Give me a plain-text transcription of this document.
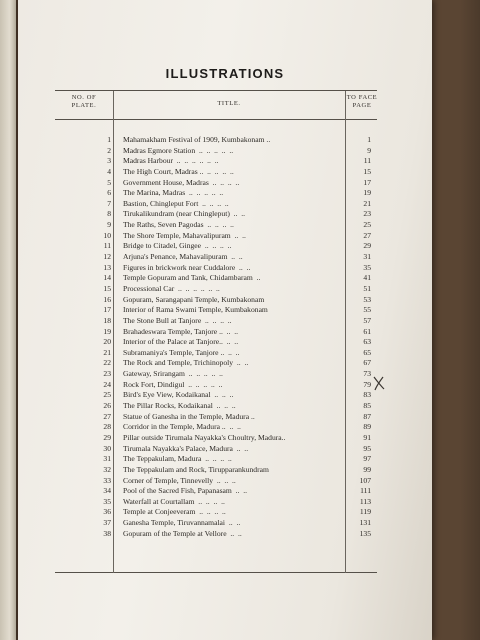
ILLUSTRATIONS
NO. OF
PLATE.	TITLE.
TO FACE
PAGE
1 Mahamakham Festival of 1909, Kumbakonam ..	1
2 Madras Egmore Station  ..  ..  ..  ..  ..	9
3 Madras Harbour  ..  ..  ..  ..  ..  ..	11
4 The High Court, Madras ..  ..  ..  ..  ..	15
5 Government House, Madras  ..  ..  ..  ..	17
6 The Marina, Madras  ..  ..  ..  ..  ..	19
7 Bastion, Chingleput Fort  ..  ..  ..  ..	21
8 Tirukalikundram (near Chingleput)  ..  ..	23
9 The Raths, Seven Pagodas  ..  ..  ..  ..	25
10 The Shore Temple, Mahavalipuram  ..  ..	27
11 Bridge to Citadel, Gingee  ..  ..  ..  ..	29
12 Arjuna's Penance, Mahavalipuram  ..  ..	31
13 Figures in brickwork near Cuddalore  ..  ..	35
14 Temple Gopuram and Tank, Chidambaram  ..	41
15 Processional Car  ..  ..  ..  ..  ..  ..	51
16 Gopuram, Sarangapani Temple, Kumbakonam	53
17 Interior of Rama Swami Temple, Kumbakonam	55
18 The Stone Bull at Tanjore  ..  ..  ..  ..	57
19 Brahadeswara Temple, Tanjore ..  ..  ..	61
20 Interior of the Palace at Tanjore..  ..  ..	63
21 Subramaniya's Temple, Tanjore ..  ..  ..	65
22 The Rock and Temple, Trichinopoly  ..  ..	67
23 Gateway, Srirangam  ..  ..  ..  ..  ..	73
24 Rock Fort, Dindigul  ..  ..  ..  ..  ..	79
25 Bird's Eye View, Kodaikanal  ..  ..  ..	83
26 The Pillar Rocks, Kodaikanal  ..  ..  ..	85
27 Statue of Ganesha in the Temple, Madura ..	87
28 Corridor in the Temple, Madura ..  ..  ..	89
29 Pillar outside Tirumala Nayakka's Choultry, Madura..	91
30 Tirumala Nayakka's Palace, Madura  ..  ..	95
31 The Teppakulam, Madura  ..  ..  ..  ..	97
32 The Teppakulam and Rock, Tirupparankundram	99
33 Corner of Temple, Tinnevelly  ..  ..  ..	107
34 Pool of the Sacred Fish, Papanasam  ..  ..	111
35 Waterfall at Courtallam  ..  ..  ..  ..	113
36 Temple at Conjeeveram  ..  ..  ..  ..	119
37 Ganesha Temple, Tiruvannamalai  ..  ..	131
38 Gopuram of the Temple at Vellore  ..  ..	135
